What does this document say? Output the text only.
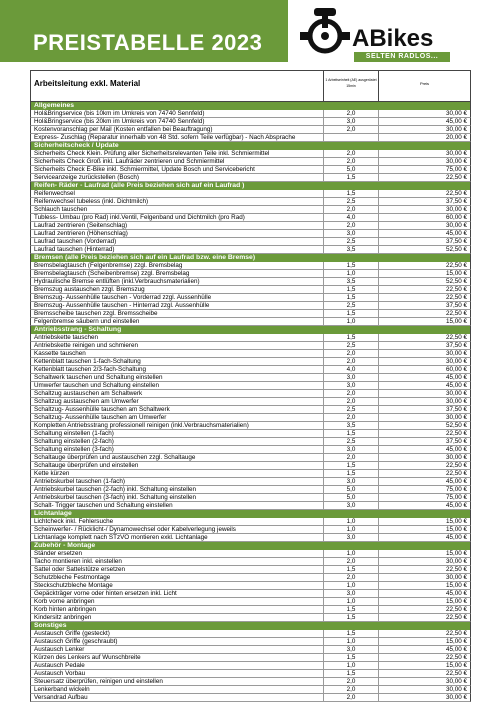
PREISTABELLE 2023	ABikes
SELTEN RADLOS...
Arbeitsleitung exkl. Material	1 Arbeitseinheit (AE) ausgerüstet 15min	Preis
Allgemeines
Hol&Bringservice (bis 10km im Umkreis von 74740 Sennfeld)	2,0	30,00 €
Hol&Bringservice (bis 20km im Umkreis von 74740 Sennfeld)	3,0	45,00 €
Kostenvoranschlag per Mail (Kosten entfallen bei Beauftragung)	2,0	30,00 €
Express- Zuschlag (Reparatur innerhalb von 48 Std. sofern Teile verfügbar) - Nach Absprache	20,00 €
Sicherheitscheck / Update
Sicherheits Check Klein. Prüfung aller Sicherheitsrelevanten Teile inkl. Schmiermittel	2,0	30,00 €
Sicherheits Check Groß inkl. Laufräder zentrieren und Schmiermittel	2,0	30,00 €
Sicherheits Check E-Bike inkl. Schmiermittel, Update Bosch und Servicebericht	5,0	75,00 €
Serviceanzeige zurückstellen (Bosch)	1,5	22,50 €
Reifen- Räder - Laufrad (alle Preis beziehen sich auf ein Laufrad )
Reifenwechsel	1,5	22,50 €
Reifenwechsel tubeless (inkl. Dichtmilch)	2,5	37,50 €
Schlauch tauschen	2,0	30,00 €
Tubless- Umbau (pro Rad) inkl.Ventil, Felgenband und Dichtmilch (pro Rad)	4,0	60,00 €
Laufrad zentrieren (Seitenschlag)	2,0	30,00 €
Laufrad zentrieren (Höhenschlag)	3,0	45,00 €
Laufrad tauschen (Vorderrad)	2,5	37,50 €
Laufrad tauschen (Hinterrad)	3,5	52,50 €
Bremsen (alle Preis beziehen sich auf ein Laufrad bzw. eine Bremse)
Bremsbelagtausch (Felgenbremse) zzgl. Bremsbelag	1,5	22,50 €
Bremsbelagtausch (Scheibenbremse) zzgl. Bremsbelag	1,0	15,00 €
Hydraulische Bremse entlüften (inkl.Verbrauchsmaterialien)	3,5	52,50 €
Bremszug austauschen zzgl. Bremszug	1,5	22,50 €
Bremszug- Aussenhülle tauschen - Vorderrad zzgl. Aussenhülle	1,5	22,50 €
Bremszug- Aussenhülle tauschen - Hinterrad zzgl. Aussenhülle	2,5	37,50 €
Bremsscheibe tauschen zzgl. Bremsscheibe	1,5	22,50 €
Felgenbremse säubern und einstellen	1,0	15,00 €
Antriebsstrang - Schaltung
Antriebskette tauschen	1,5	22,50 €
Antriebskette reinigen und schmieren	2,5	37,50 €
Kassette tauschen	2,0	30,00 €
Kettenblatt tauschen 1-fach-Schaltung	2,0	30,00 €
Kettenblatt tauschen 2/3-fach-Schaltung	4,0	60,00 €
Schaltwerk tauschen und Schaltung einstellen	3,0	45,00 €
Umwerfer tauschen und Schaltung einstellen	3,0	45,00 €
Schaltzug austauschen am Schaltwerk	2,0	30,00 €
Schaltzug austauschen am Umwerfer	2,0	30,00 €
Schaltzug- Aussenhülle tauschen am Schaltwerk	2,5	37,50 €
Schaltzug- Aussenhülle tauschen am Umwerfer	2,0	30,00 €
Kompletten Antriebsstrang professionell reinigen (inkl.Verbrauchsmaterialien)	3,5	52,50 €
Schaltung einstellen (1-fach)	1,5	22,50 €
Schaltung einstellen (2-fach)	2,5	37,50 €
Schaltung einstellen (3-fach)	3,0	45,00 €
Schaltauge überprüfen und austauschen zzgl. Schaltauge	2,0	30,00 €
Schaltauge überprüfen und einstellen	1,5	22,50 €
Kette kürzen	1,5	22,50 €
Antriebskurbel tauschen (1-fach)	3,0	45,00 €
Antriebskurbel tauschen (2-fach) inkl. Schaltung einstellen	5,0	75,00 €
Antriebskurbel tauschen (3-fach) inkl. Schaltung einstellen	5,0	75,00 €
Schalt- Trigger tauschen und Schaltung einstellen	3,0	45,00 €
Lichtanlage
Lichtcheck inkl. Fehlersuche	1,0	15,00 €
Scheinwerfer- / Rücklicht-/ Dynamowechsel oder Kabelverlegung jeweils	1,0	15,00 €
Lichtanlage komplett nach STzVO montieren exkl. Lichtanlage	3,0	45,00 €
Zubehör - Montage
Ständer ersetzen	1,0	15,00 €
Tacho montieren inkl. einstellen	2,0	30,00 €
Sattel oder Sattelstütze ersetzen	1,5	22,50 €
Schutzbleche Festmontage	2,0	30,00 €
Steckschutzbleche Montage	1,0	15,00 €
Gepäckträger vorne oder hinten ersetzen inkl. Licht	3,0	45,00 €
Korb vorne anbringen	1,0	15,00 €
Korb hinten anbringen	1,5	22,50 €
Kindersitz anbringen	1,5	22,50 €
Sonstiges
Austausch Griffe (gesteckt)	1,5	22,50 €
Austausch Griffe (geschraubt)	1,0	15,00 €
Austausch Lenker	3,0	45,00 €
Kürzen des Lenkers auf Wunschbreite	1,5	22,50 €
Austausch Pedale	1,0	15,00 €
Austausch Vorbau	1,5	22,50 €
Steuersatz überprüfen, reinigen und einstellen	2,0	30,00 €
Lenkerband wickeln	2,0	30,00 €
Versandrad Aufbau	2,0	30,00 €
